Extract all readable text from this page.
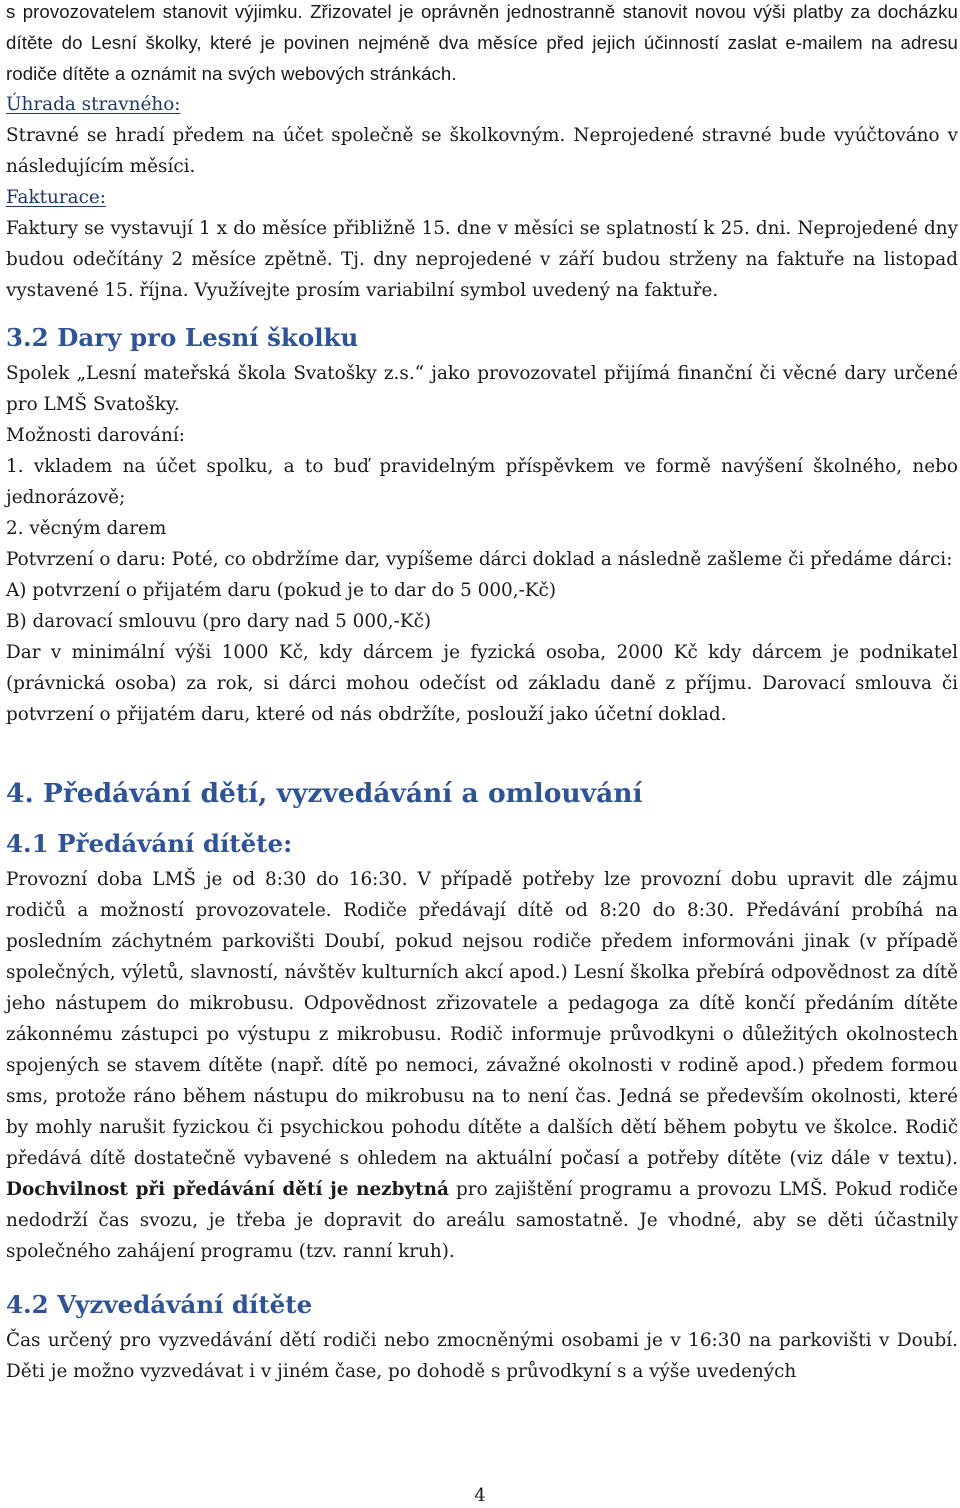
s provozovatelem stanovit výjimku. Zřizovatel je oprávněn jednostranně stanovit novou výši platby za docházku dítěte do Lesní školky, které je povinen nejméně dva měsíce před jejich účinností zaslat e-mailem na adresu rodiče dítěte a oznámit na svých webových stránkách.

Úhrada stravného:

Stravné se hradí předem na účet společně se školkovným. Neprojedené stravné bude vyúčtováno v následujícím měsíci.

Fakturace:

Faktury se vystavují 1 x do měsíce přibližně 15. dne v měsíci se splatností k 25. dni. Neprojedené dny budou odečítány 2 měsíce zpětně. Tj. dny neprojedené v září budou strženy na faktuře na listopad vystavené 15. října. Využívejte prosím variabilní symbol uvedený na faktuře.

3.2 Dary pro Lesní školku

Spolek „Lesní mateřská škola Svatošky z.s.“ jako provozovatel přijímá finanční či věcné dary určené pro LMŠ Svatošky.

Možnosti darování:

1. vkladem na účet spolku, a to buď pravidelným příspěvkem ve formě navýšení školného, nebo jednorázově;

2. věcným darem

Potvrzení o daru: Poté, co obdržíme dar, vypíšeme dárci doklad a následně zašleme či předáme dárci:

A) potvrzení o přijatém daru (pokud je to dar do 5 000,-Kč)

B) darovací smlouvu (pro dary nad 5 000,-Kč)

Dar v minimální výši 1000 Kč, kdy dárcem je fyzická osoba, 2000 Kč kdy dárcem je podnikatel (právnická osoba) za rok, si dárci mohou odečíst od základu daně z příjmu. Darovací smlouva či potvrzení o přijatém daru, které od nás obdržíte, poslouží jako účetní doklad.

4. Předávání dětí, vyzvedávání a omlouvání
4.1 Předávání dítěte:

Provozní doba LMŠ je od 8:30 do 16:30. V případě potřeby lze provozní dobu upravit dle zájmu rodičů a možností provozovatele. Rodiče předávají dítě od 8:20 do 8:30. Předávání probíhá na posledním záchytném parkovišti Doubí, pokud nejsou rodiče předem informováni jinak (v případě společných, výletů, slavností, návštěv kulturních akcí apod.) Lesní školka přebírá odpovědnost za dítě jeho nástupem do mikrobusu. Odpovědnost zřizovatele a pedagoga za dítě končí předáním dítěte zákonnému zástupci po výstupu z mikrobusu. Rodič informuje průvodkyni o důležitých okolnostech spojených se stavem dítěte (např. dítě po nemoci, závažné okolnosti v rodině apod.) předem formou sms, protože ráno během nástupu do mikrobusu na to není čas. Jedná se především okolnosti, které by mohly narušit fyzickou či psychickou pohodu dítěte a dalších dětí během pobytu ve školce. Rodič předává dítě dostatečně vybavené s ohledem na aktuální počasí a potřeby dítěte (viz dále v textu). Dochvilnost při předávání dětí je nezbytná pro zajištění programu a provozu LMŠ. Pokud rodiče nedodrží čas svozu, je třeba je dopravit do areálu samostatně. Je vhodné, aby se děti účastnily společného zahájení programu (tzv. ranní kruh).

4.2 Vyzvedávání dítěte

Čas určený pro vyzvedávání dětí rodiči nebo zmocněnými osobami je v 16:30 na parkovišti v Doubí. Děti je možno vyzvedávat i v jiném čase, po dohodě s průvodkyní s a výše uvedených

4
